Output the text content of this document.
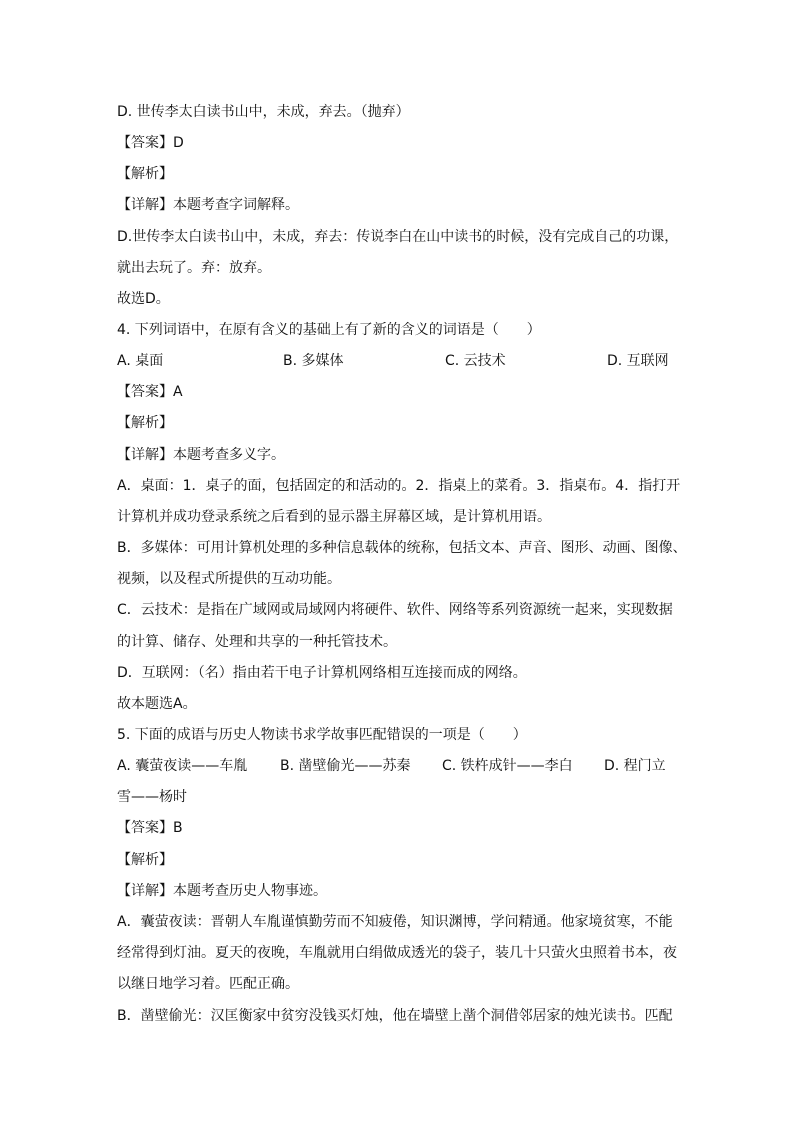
D. 世传李太白读书山中，未成，弃去。（抛弃）
【答案】D
【解析】
【详解】本题考查字词解释。
D.世传李太白读书山中，未成，弃去：传说李白在山中读书的时候，没有完成自己的功课，
就出去玩了。弃：放弃。
故选D。
4. 下列词语中，在原有含义的基础上有了新的含义的词语是（　　）
A. 桌面	B. 多媒体	C. 云技术	D. 互联网
【答案】A
【解析】
【详解】本题考查多义字。
A．桌面：1．桌子的面，包括固定的和活动的。2．指桌上的菜肴。3．指桌布。4．指打开
计算机并成功登录系统之后看到的显示器主屏幕区域，是计算机用语。
B．多媒体：可用计算机处理的多种信息载体的统称，包括文本、声音、图形、动画、图像、
视频，以及程式所提供的互动功能。
C．云技术：是指在广域网或局域网内将硬件、软件、网络等系列资源统一起来，实现数据
的计算、储存、处理和共享的一种托管技术。
D．互联网：（名）指由若干电子计算机网络相互连接而成的网络。
故本题选A。
5. 下面的成语与历史人物读书求学故事匹配错误的一项是（　　）
A. 囊萤夜读——车胤 B. 凿壁偷光——苏秦 C. 铁杵成针——李白 D. 程门立
雪——杨时
【答案】B
【解析】
【详解】本题考查历史人物事迹。
A．囊萤夜读：晋朝人车胤谨慎勤劳而不知疲倦，知识渊博，学问精通。他家境贫寒，不能
经常得到灯油。夏天的夜晚，车胤就用白绢做成透光的袋子，装几十只萤火虫照着书本，夜
以继日地学习着。匹配正确。
B．凿壁偷光：汉匡衡家中贫穷没钱买灯烛，他在墙壁上凿个洞借邻居家的烛光读书。匹配
